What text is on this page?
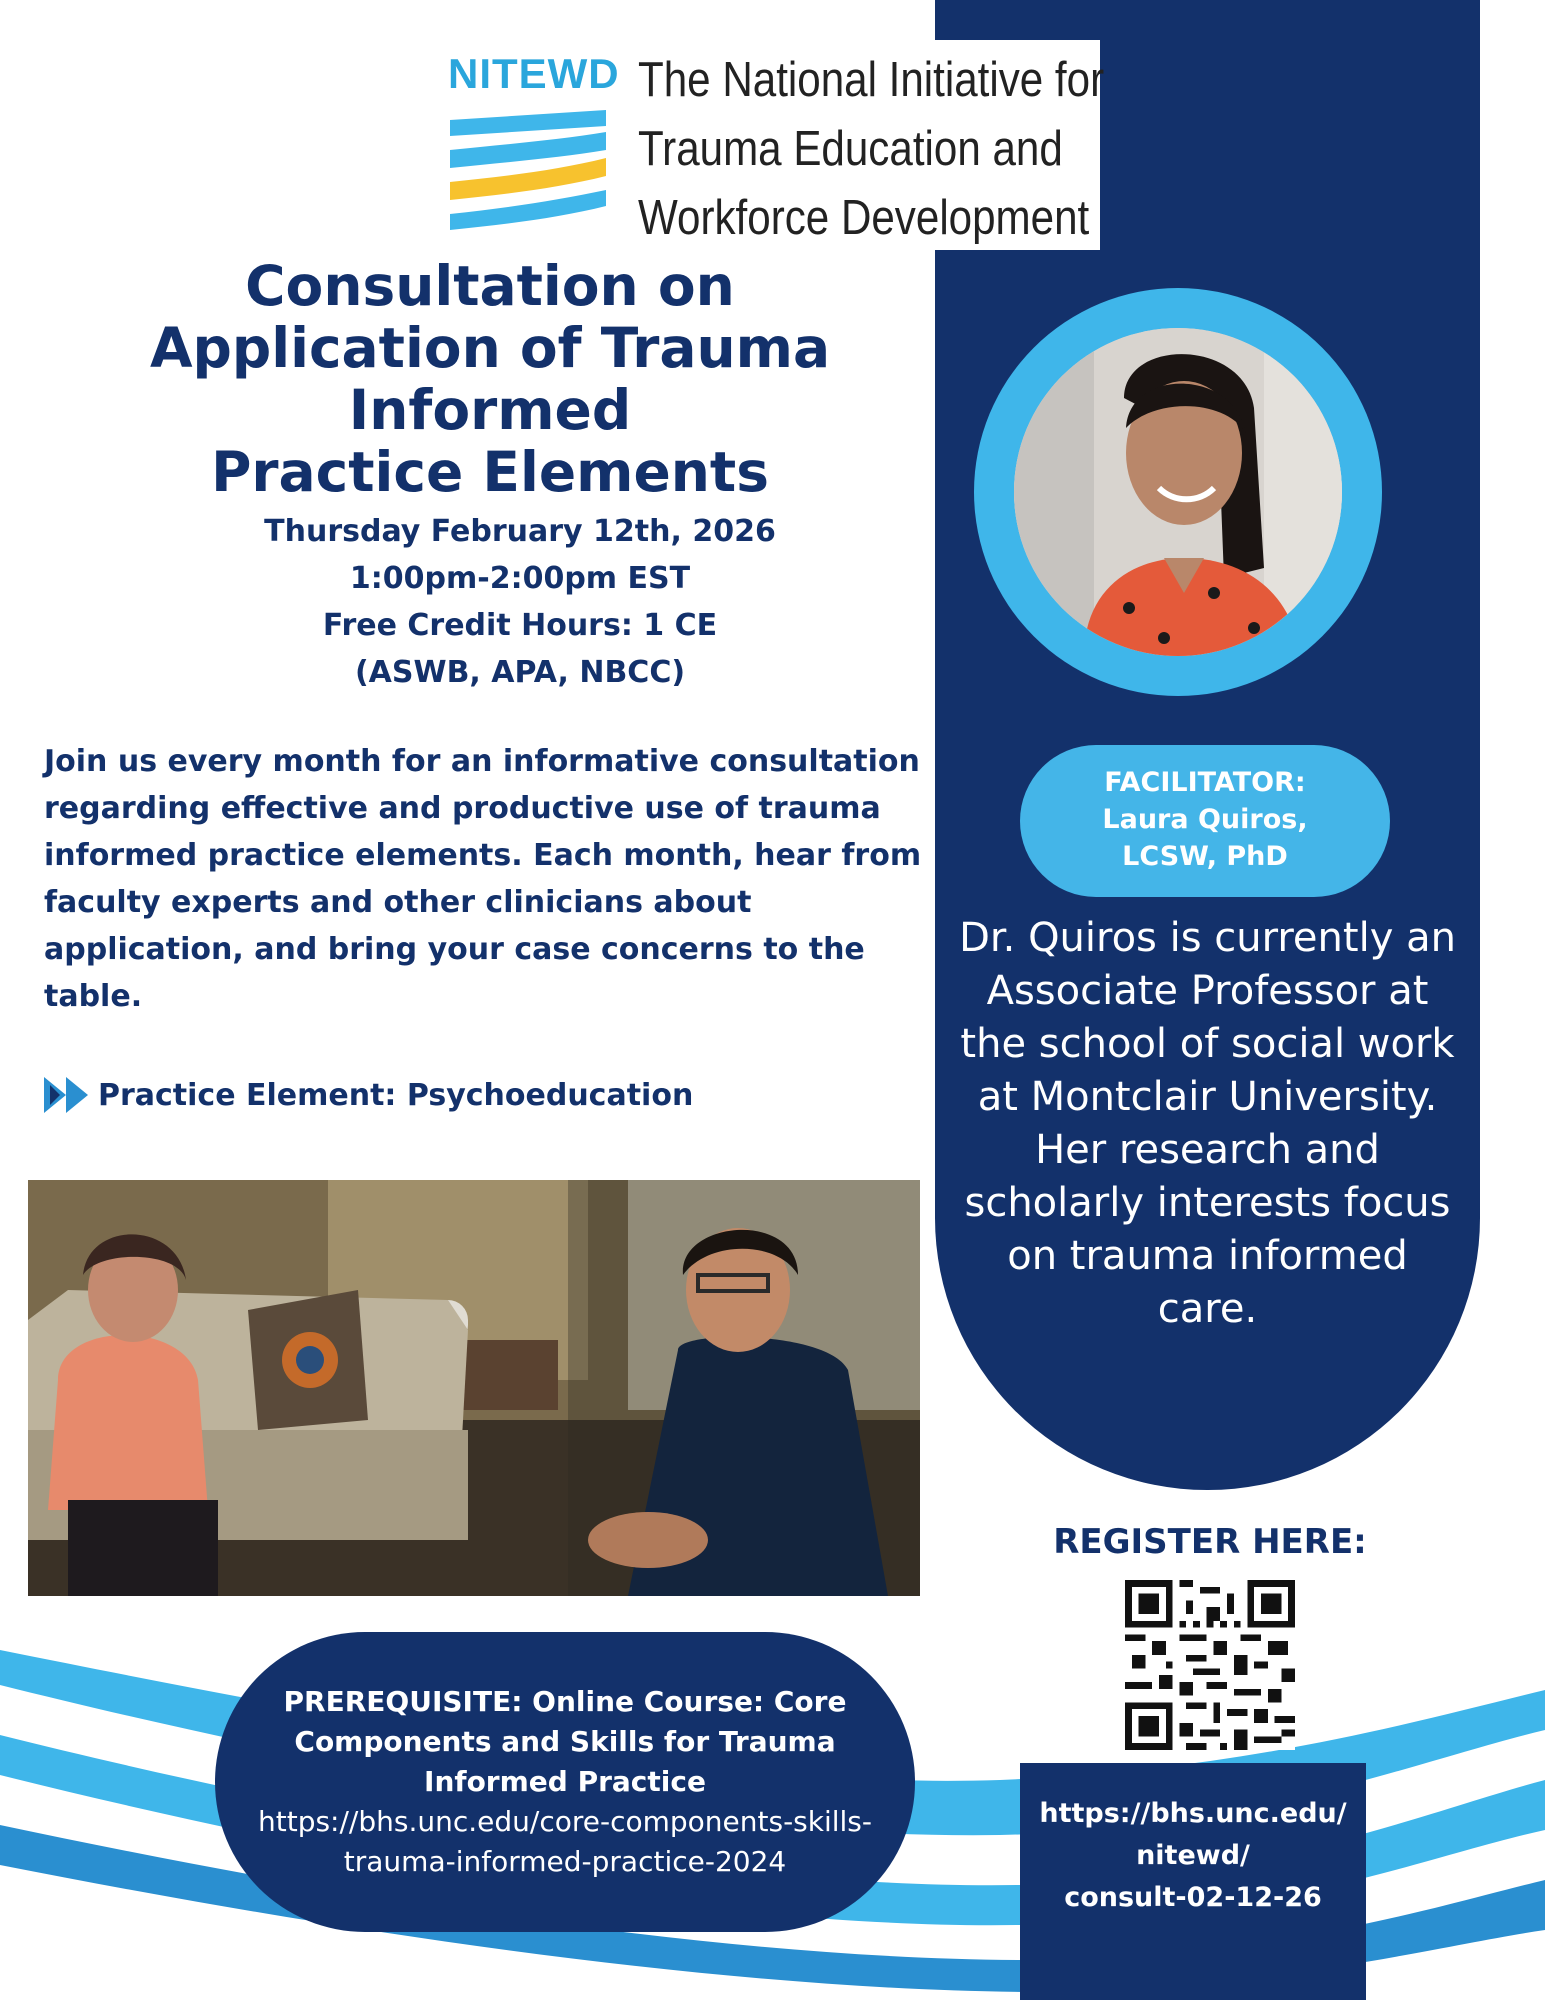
NITEWD The National Initiative for
Trauma Education and
Workforce Development
Consultation on
Application of Trauma
Informed
Practice Elements
Thursday February 12th, 2026
1:00pm-2:00pm EST
Free Credit Hours: 1 CE
(ASWB, APA, NBCC)
Join us every month for an informative consultation regarding effective and productive use of trauma informed practice elements. Each month, hear from faculty experts and other clinicians about application, and bring your case concerns to the table.
Practice Element: Psychoeducation
PREREQUISITE: Online Course: Core Components and Skills for Trauma Informed Practice
https://bhs.unc.edu/core-components-skills-trauma-informed-practice-2024
FACILITATOR:
Laura Quiros,
LCSW, PhD
Dr. Quiros is currently an Associate Professor at the school of social work at Montclair University. Her research and scholarly interests focus on trauma informed care.
REGISTER HERE:
https://bhs.unc.edu/
nitewd/
consult-02-12-26
